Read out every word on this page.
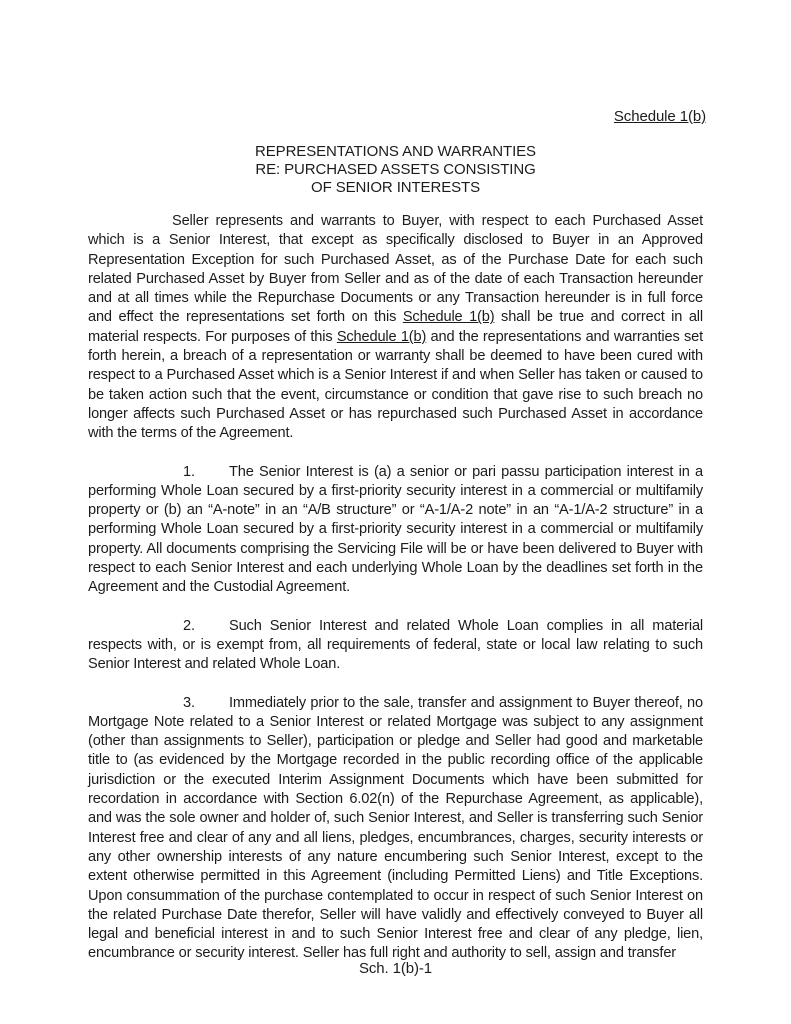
Schedule 1(b)
REPRESENTATIONS AND WARRANTIES
RE: PURCHASED ASSETS CONSISTING
OF SENIOR INTERESTS

Seller represents and warrants to Buyer, with respect to each Purchased Asset which is a Senior Interest, that except as specifically disclosed to Buyer in an Approved Representation Exception for such Purchased Asset, as of the Purchase Date for each such related Purchased Asset by Buyer from Seller and as of the date of each Transaction hereunder and at all times while the Repurchase Documents or any Transaction hereunder is in full force and effect the representations set forth on this Schedule 1(b) shall be true and correct in all material respects. For purposes of this Schedule 1(b) and the representations and warranties set forth herein, a breach of a representation or warranty shall be deemed to have been cured with respect to a Purchased Asset which is a Senior Interest if and when Seller has taken or caused to be taken action such that the event, circumstance or condition that gave rise to such breach no longer affects such Purchased Asset or has repurchased such Purchased Asset in accordance with the terms of the Agreement.

1. The Senior Interest is (a) a senior or pari passu participation interest in a performing Whole Loan secured by a first-priority security interest in a commercial or multifamily property or (b) an “A-note” in an “A/B structure” or “A-1/A-2 note” in an “A-1/A-2 structure” in a performing Whole Loan secured by a first-priority security interest in a commercial or multifamily property. All documents comprising the Servicing File will be or have been delivered to Buyer with respect to each Senior Interest and each underlying Whole Loan by the deadlines set forth in the Agreement and the Custodial Agreement.

2. Such Senior Interest and related Whole Loan complies in all material respects with, or is exempt from, all requirements of federal, state or local law relating to such Senior Interest and related Whole Loan.

3. Immediately prior to the sale, transfer and assignment to Buyer thereof, no Mortgage Note related to a Senior Interest or related Mortgage was subject to any assignment (other than assignments to Seller), participation or pledge and Seller had good and marketable title to (as evidenced by the Mortgage recorded in the public recording office of the applicable jurisdiction or the executed Interim Assignment Documents which have been submitted for recordation in accordance with Section 6.02(n) of the Repurchase Agreement, as applicable), and was the sole owner and holder of, such Senior Interest, and Seller is transferring such Senior Interest free and clear of any and all liens, pledges, encumbrances, charges, security interests or any other ownership interests of any nature encumbering such Senior Interest, except to the extent otherwise permitted in this Agreement (including Permitted Liens) and Title Exceptions. Upon consummation of the purchase contemplated to occur in respect of such Senior Interest on the related Purchase Date therefor, Seller will have validly and effectively conveyed to Buyer all legal and beneficial interest in and to such Senior Interest free and clear of any pledge, lien, encumbrance or security interest. Seller has full right and authority to sell, assign and transfer

Sch. 1(b)-1
